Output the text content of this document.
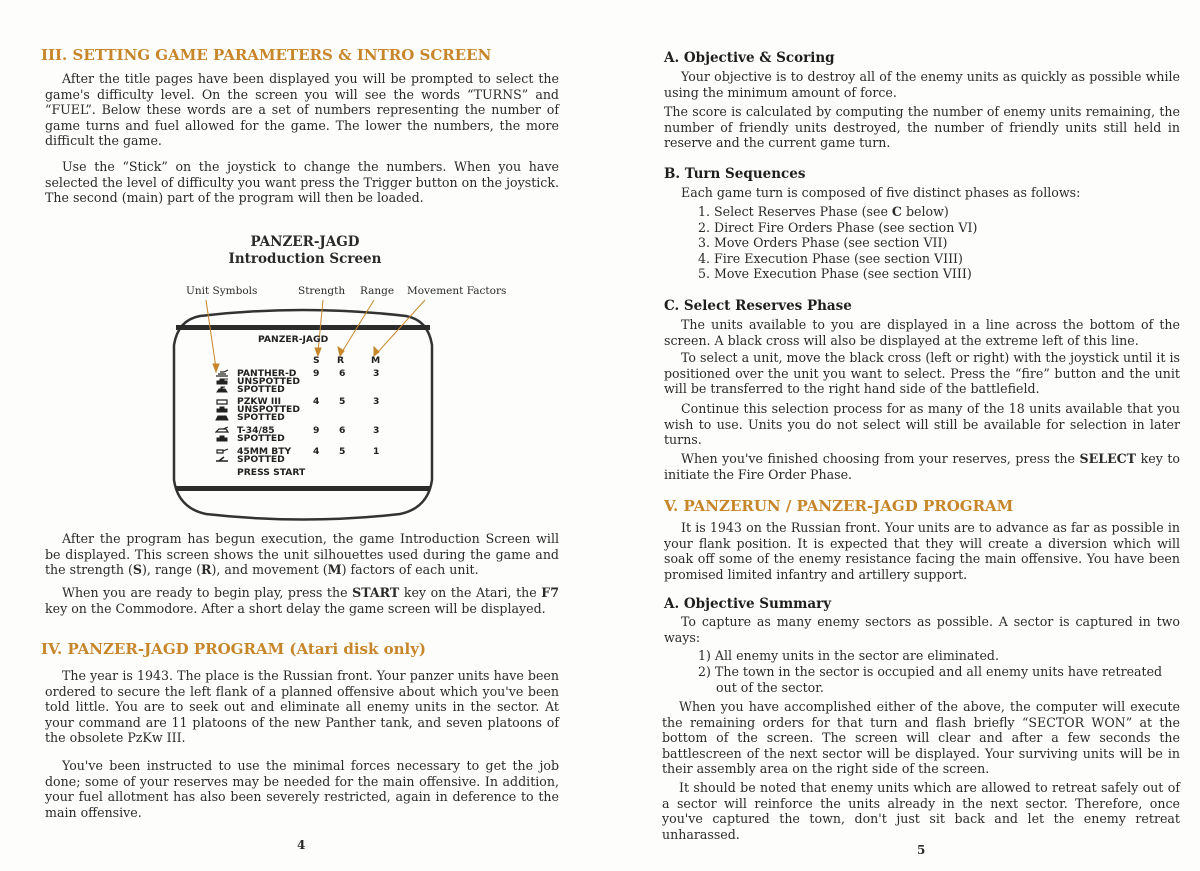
III. SETTING GAME PARAMETERS & INTRO SCREEN

After the title pages have been displayed you will be prompted to select the game's difficulty level. On the screen you will see the words “TURNS” and “FUEL”. Below these words are a set of numbers representing the number of game turns and fuel allowed for the game. The lower the numbers, the more difficult the game.

Use the “Stick” on the joystick to change the numbers. When you have selected the level of difficulty you want press the Trigger button on the joystick. The second (main) part of the program will then be loaded.

PANZER-JAGD
Introduction Screen
Unit Symbols	Strength Range Movement Factors
PANZER-JAGD
S R	M
PANTHER-D
UNSPOTTED
SPOTTED
9 6	3
PZKW III
UNSPOTTED
SPOTTED
4 5	3
T-34/85
SPOTTED
9 6	3
45MM BTY
SPOTTED
4 5	1
PRESS START

After the program has begun execution, the game Introduction Screen will be displayed. This screen shows the unit silhouettes used during the game and the strength (S), range (R), and movement (M) factors of each unit.

When you are ready to begin play, press the START key on the Atari, the F7 key on the Commodore. After a short delay the game screen will be displayed.

IV. PANZER-JAGD PROGRAM (Atari disk only)

The year is 1943. The place is the Russian front. Your panzer units have been ordered to secure the left flank of a planned offensive about which you've been told little. You are to seek out and eliminate all enemy units in the sector. At your command are 11 platoons of the new Panther tank, and seven platoons of the obsolete PzKw III.

You've been instructed to use the minimal forces necessary to get the job done; some of your reserves may be needed for the main offensive. In addition, your fuel allotment has also been severely restricted, again in deference to the main offensive.

4
A. Objective & Scoring

Your objective is to destroy all of the enemy units as quickly as possible while using the minimum amount of force.

The score is calculated by computing the number of enemy units remaining, the number of friendly units destroyed, the number of friendly units still held in reserve and the current game turn.

B. Turn Sequences

Each game turn is composed of five distinct phases as follows:

1. Select Reserves Phase (see C below)
2. Direct Fire Orders Phase (see section VI)
3. Move Orders Phase (see section VII)
4. Fire Execution Phase (see section VIII)
5. Move Execution Phase (see section VIII)
C. Select Reserves Phase

The units available to you are displayed in a line across the bottom of the screen. A black cross will also be displayed at the extreme left of this line.

To select a unit, move the black cross (left or right) with the joystick until it is positioned over the unit you want to select. Press the “fire” button and the unit will be transferred to the right hand side of the battlefield.

Continue this selection process for as many of the 18 units available that you wish to use. Units you do not select will still be available for selection in later turns.

When you've finished choosing from your reserves, press the SELECT key to initiate the Fire Order Phase.

V. PANZERUN / PANZER-JAGD PROGRAM

It is 1943 on the Russian front. Your units are to advance as far as possible in your flank position. It is expected that they will create a diversion which will soak off some of the enemy resistance facing the main offensive. You have been promised limited infantry and artillery support.

A. Objective Summary

To capture as many enemy sectors as possible. A sector is captured in two ways:

1) All enemy units in the sector are eliminated.
2) The town in the sector is occupied and all enemy units have retreated
out of the sector.

When you have accomplished either of the above, the computer will execute the remaining orders for that turn and flash briefly “SECTOR WON” at the bottom of the screen. The screen will clear and after a few seconds the battlescreen of the next sector will be displayed. Your surviving units will be in their assembly area on the right side of the screen.

It should be noted that enemy units which are allowed to retreat safely out of a sector will reinforce the units already in the next sector. Therefore, once you've captured the town, don't just sit back and let the enemy retreat unharassed.

5
